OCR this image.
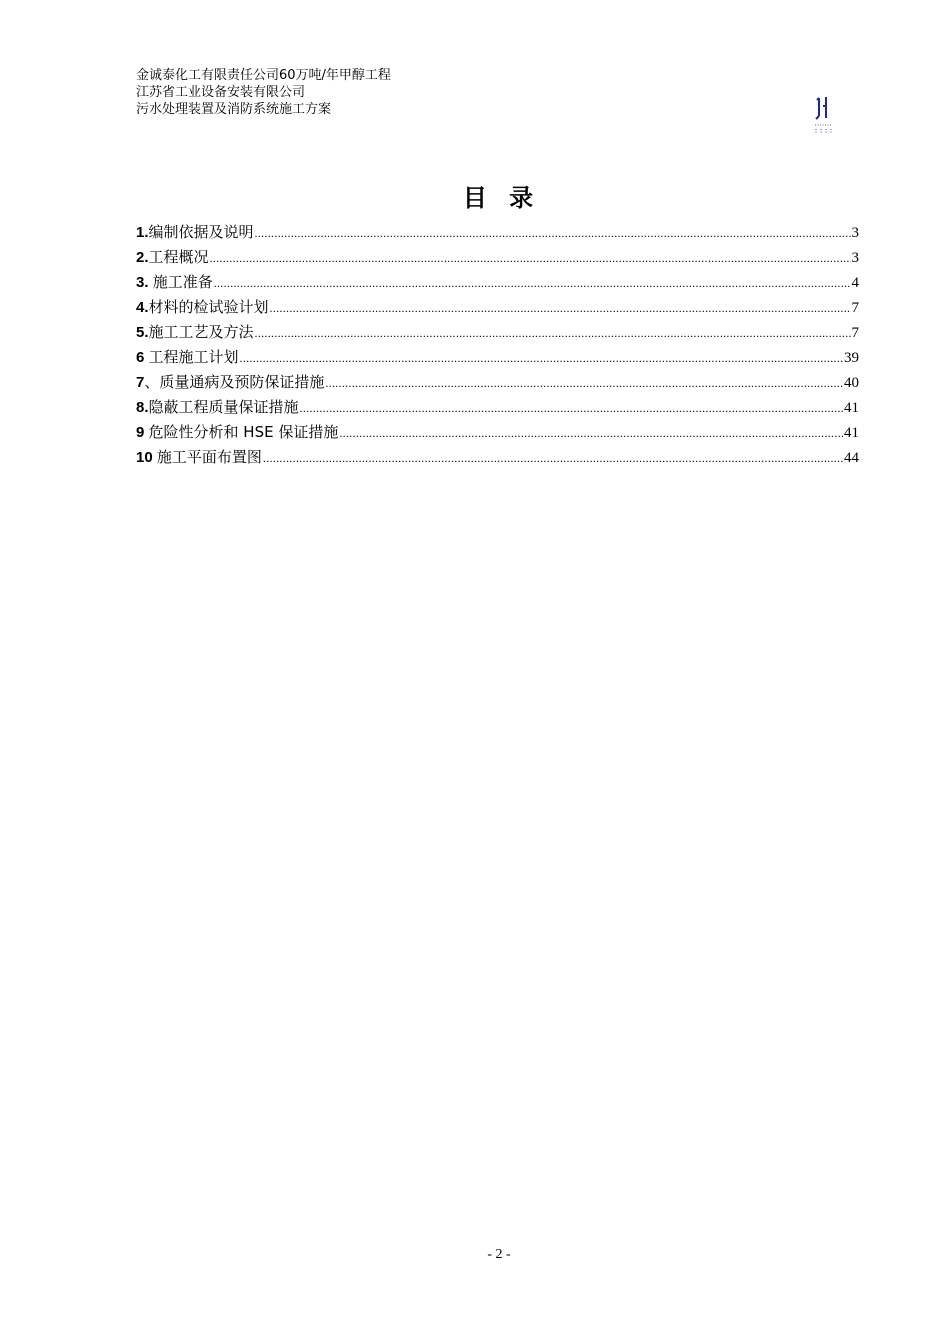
金诚泰化工有限责任公司60万吨/年甲醇工程
江苏省工业设备安装有限公司
污水处理装置及消防系统施工方案
目 录
1.编制依据及说明 .....	3
2.工程概况 .....	3
3. 施工准备 .....	4
4.材料的检试验计划 .....	7
5.施工工艺及方法 .....	7
6 工程施工计划 .....	39
7、质量通病及预防保证措施 .....	40
8.隐蔽工程质量保证措施 .....	41
9 危险性分析和 HSE 保证措施 .....	41
10 施工平面布置图 .....	44
- 2 -
